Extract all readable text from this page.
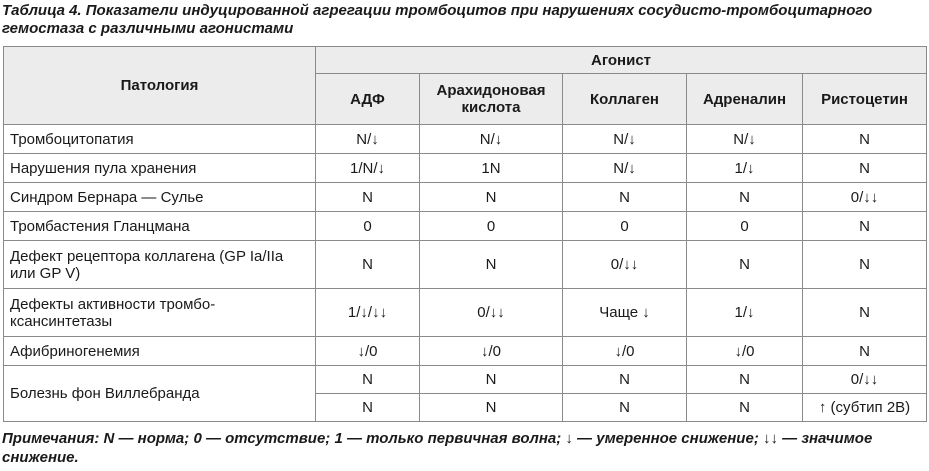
Таблица 4. Показатели индуцированной агрегации тромбоцитов при нарушениях сосудисто-тромбоцитарного гемостаза с различными агонистами
Патология	Агонист				
	АДФ	Арахидоновая кислота	Коллаген	Адреналин	Ристоцетин
Тромбоцитопатия	N/↓	N/↓	N/↓	N/↓	N
Нарушения пула хранения	1/N/↓	1N	N/↓	1/↓	N
Синдром Бернара — Сулье	N	N	N	N	0/↓↓
Тромбастения Гланцмана	0	0	0	0	N
Дефект рецептора коллагена (GP Ia/IIa или GP V)	N	N	0/↓↓	N	N
Дефекты активности тромбо-ксансинтетазы	1/↓/↓↓	0/↓↓	Чаще ↓	1/↓	N
Афибриногенемия	↓/0	↓/0	↓/0	↓/0	N
Болезнь фон Виллебранда	N	N	N	N	0/↓↓
	N	N	N	N	↑ (субтип 2В)
Примечания: N — норма; 0 — отсутствие; 1 — только первичная волна; ↓ — умеренное снижение; ↓↓ — значимое снижение.
